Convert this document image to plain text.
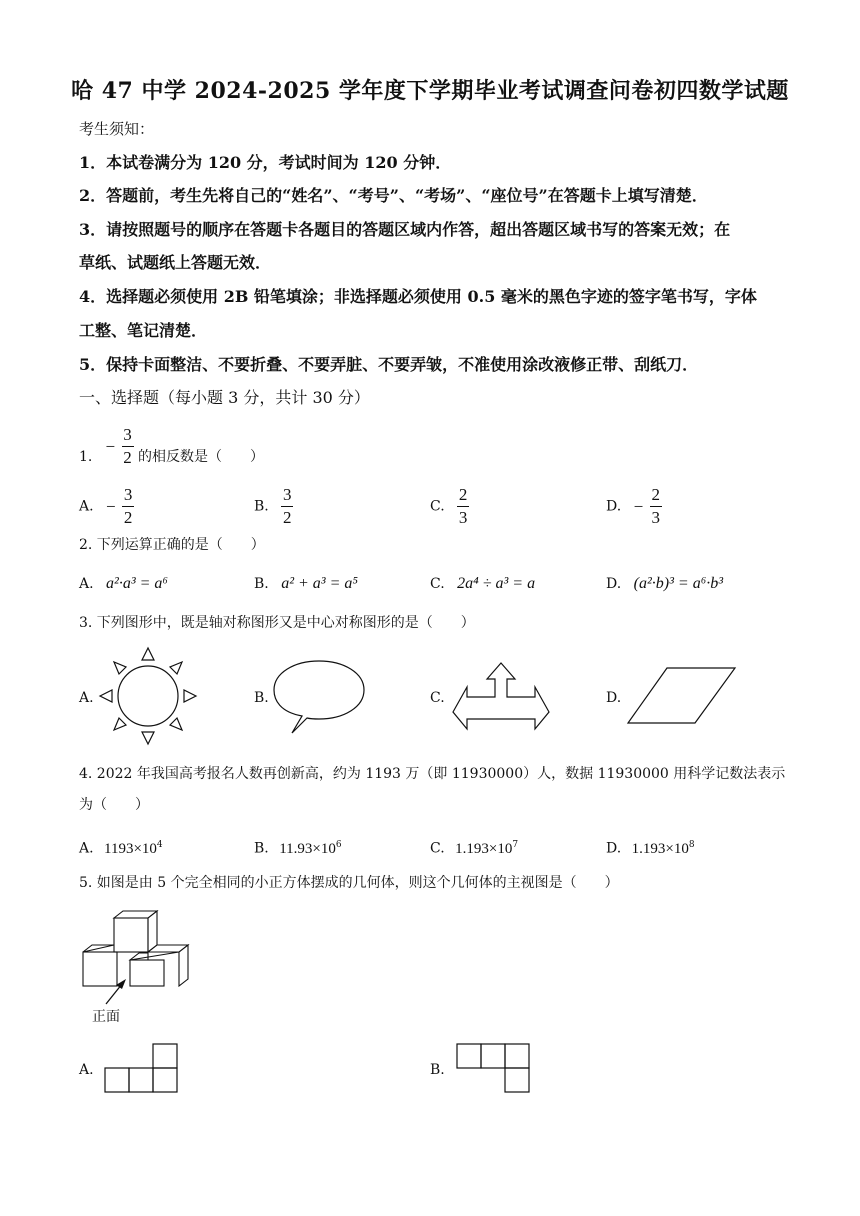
哈 47 中学 2024-2025 学年度下学期毕业考试调查问卷初四数学试题
考生须知：
1．本试卷满分为 120 分，考试时间为 120 分钟．
2．答题前，考生先将自己的“姓名”、“考号”、“考场”、“座位号”在答题卡上填写清楚．
3．请按照题号的顺序在答题卡各题目的答题区域内作答，超出答题区域书写的答案无效；在
草纸、试题纸上答题无效．
4．选择题必须使用 2B 铅笔填涂；非选择题必须使用 0.5 毫米的黑色字迹的签字笔书写，字体
工整、笔记清楚．
5．保持卡面整洁、不要折叠、不要弄脏、不要弄皱，不准使用涂改液修正带、刮纸刀．
一、选择题（每小题 3 分，共计 30 分）
1. − $\frac{3}{2}$ 的相反数是（　　）
A. − $\frac{3}{2}$	B. $\frac{3}{2}$	C. $\frac{2}{3}$	D. − $\frac{2}{3}$
2. 下列运算正确的是（　　）
A. a²·a³ = a⁶	B. a² + a³ = a⁵	C. 2a⁴ ÷ a³ = a	D. (a²·b)³ = a⁶·b³
3. 下列图形中，既是轴对称图形又是中心对称图形的是（　　）
A.	B.	C.	D.
4. 2022 年我国高考报名人数再创新高，约为 1193 万（即 11930000）人，数据 11930000 用科学记数法表示
为（　　）
A. $1193\times 10^4$	B. $11.93\times 10^6$	C. $1.193\times 10^7$	D. $1.193\times 10^8$
5. 如图是由 5 个完全相同的小正方体摆成的几何体，则这个几何体的主视图是（　　）
正面
A.	B.
